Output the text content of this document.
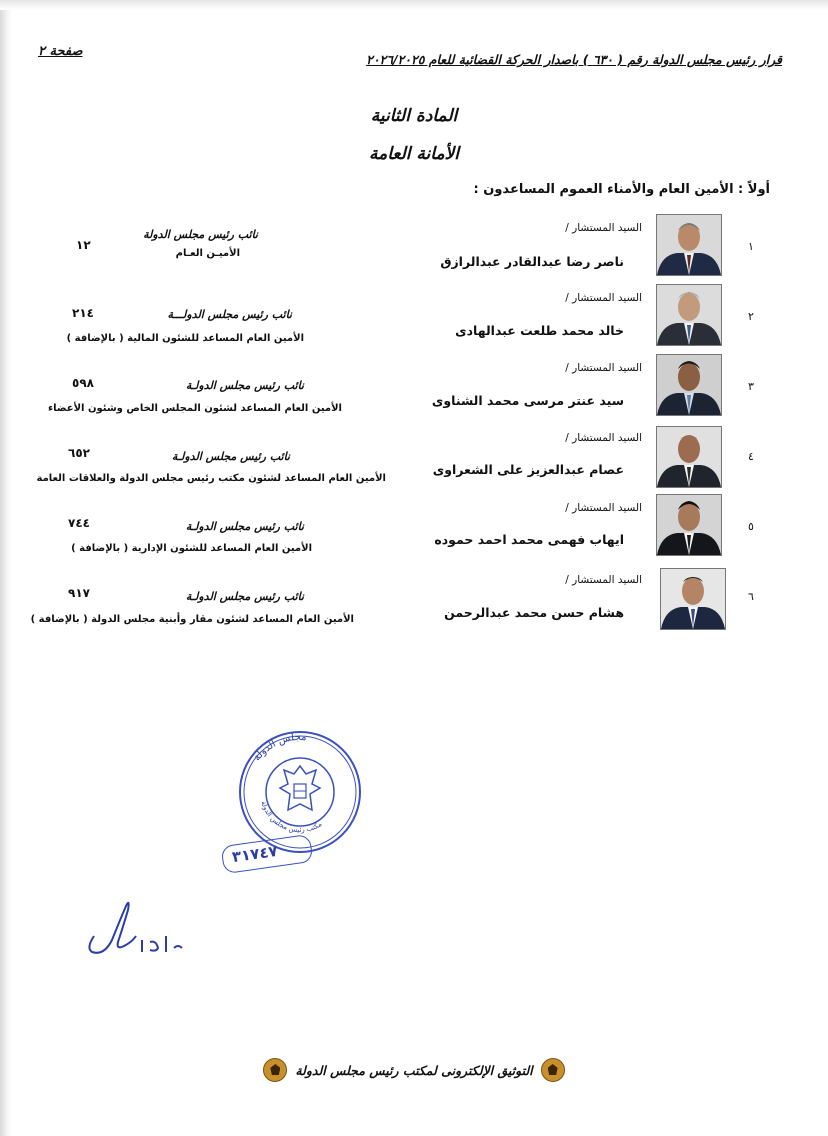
صفحة ٢
قرار رئيس مجلس الدولة رقم ( ٦٣٠ ) باصدار الحركة القضائية للعام ٢٠٢٦/٢٠٢٥
المادة الثانية
الأمانة العامة
أولاً : الأمين العام والأمناء العموم المساعدون :
١
السيد المستشار /
ناصر رضا عبدالقادر عبدالرازق
نائب رئيس مجلس الدولة
الأميـن العـام
١٢
٢
السيد المستشار /
خالد محمد طلعت عبدالهادى
نائب رئيس مجلس الدولـــة
الأمين العام المساعد للشئون المالية ( بالإضافة )
٢١٤
٣
السيد المستشار /
سيد عنتر مرسى محمد الشناوى
نائب رئيس مجلس الدولـة
الأمين العام المساعد لشئون المجلس الخاص وشئون الأعضاء
٥٩٨
٤
السيد المستشار /
عصام عبدالعزيز على الشعراوى
نائب رئيس مجلس الدولـة
الأمين العام المساعد لشئون مكتب رئيس مجلس الدولة والعلاقات العامة
٦٥٢
٥
السيد المستشار /
ايهاب فهمى محمد احمد حموده
نائب رئيس مجلس الدولـة
الأمين العام المساعد للشئون الإدارية ( بالإضافة )
٧٤٤
٦
السيد المستشار /
هشام حسن محمد عبدالرحمن
نائب رئيس مجلس الدولـة
الأمين العام المساعد لشئون مقار وأبنية مجلس الدولة ( بالإضافة )
٩١٧
مجلس الدولة
مكتب رئيس مجلس الدولة
٣١٧٤٧
التوثيق الإلكترونى لمكتب رئيس مجلس الدولة
